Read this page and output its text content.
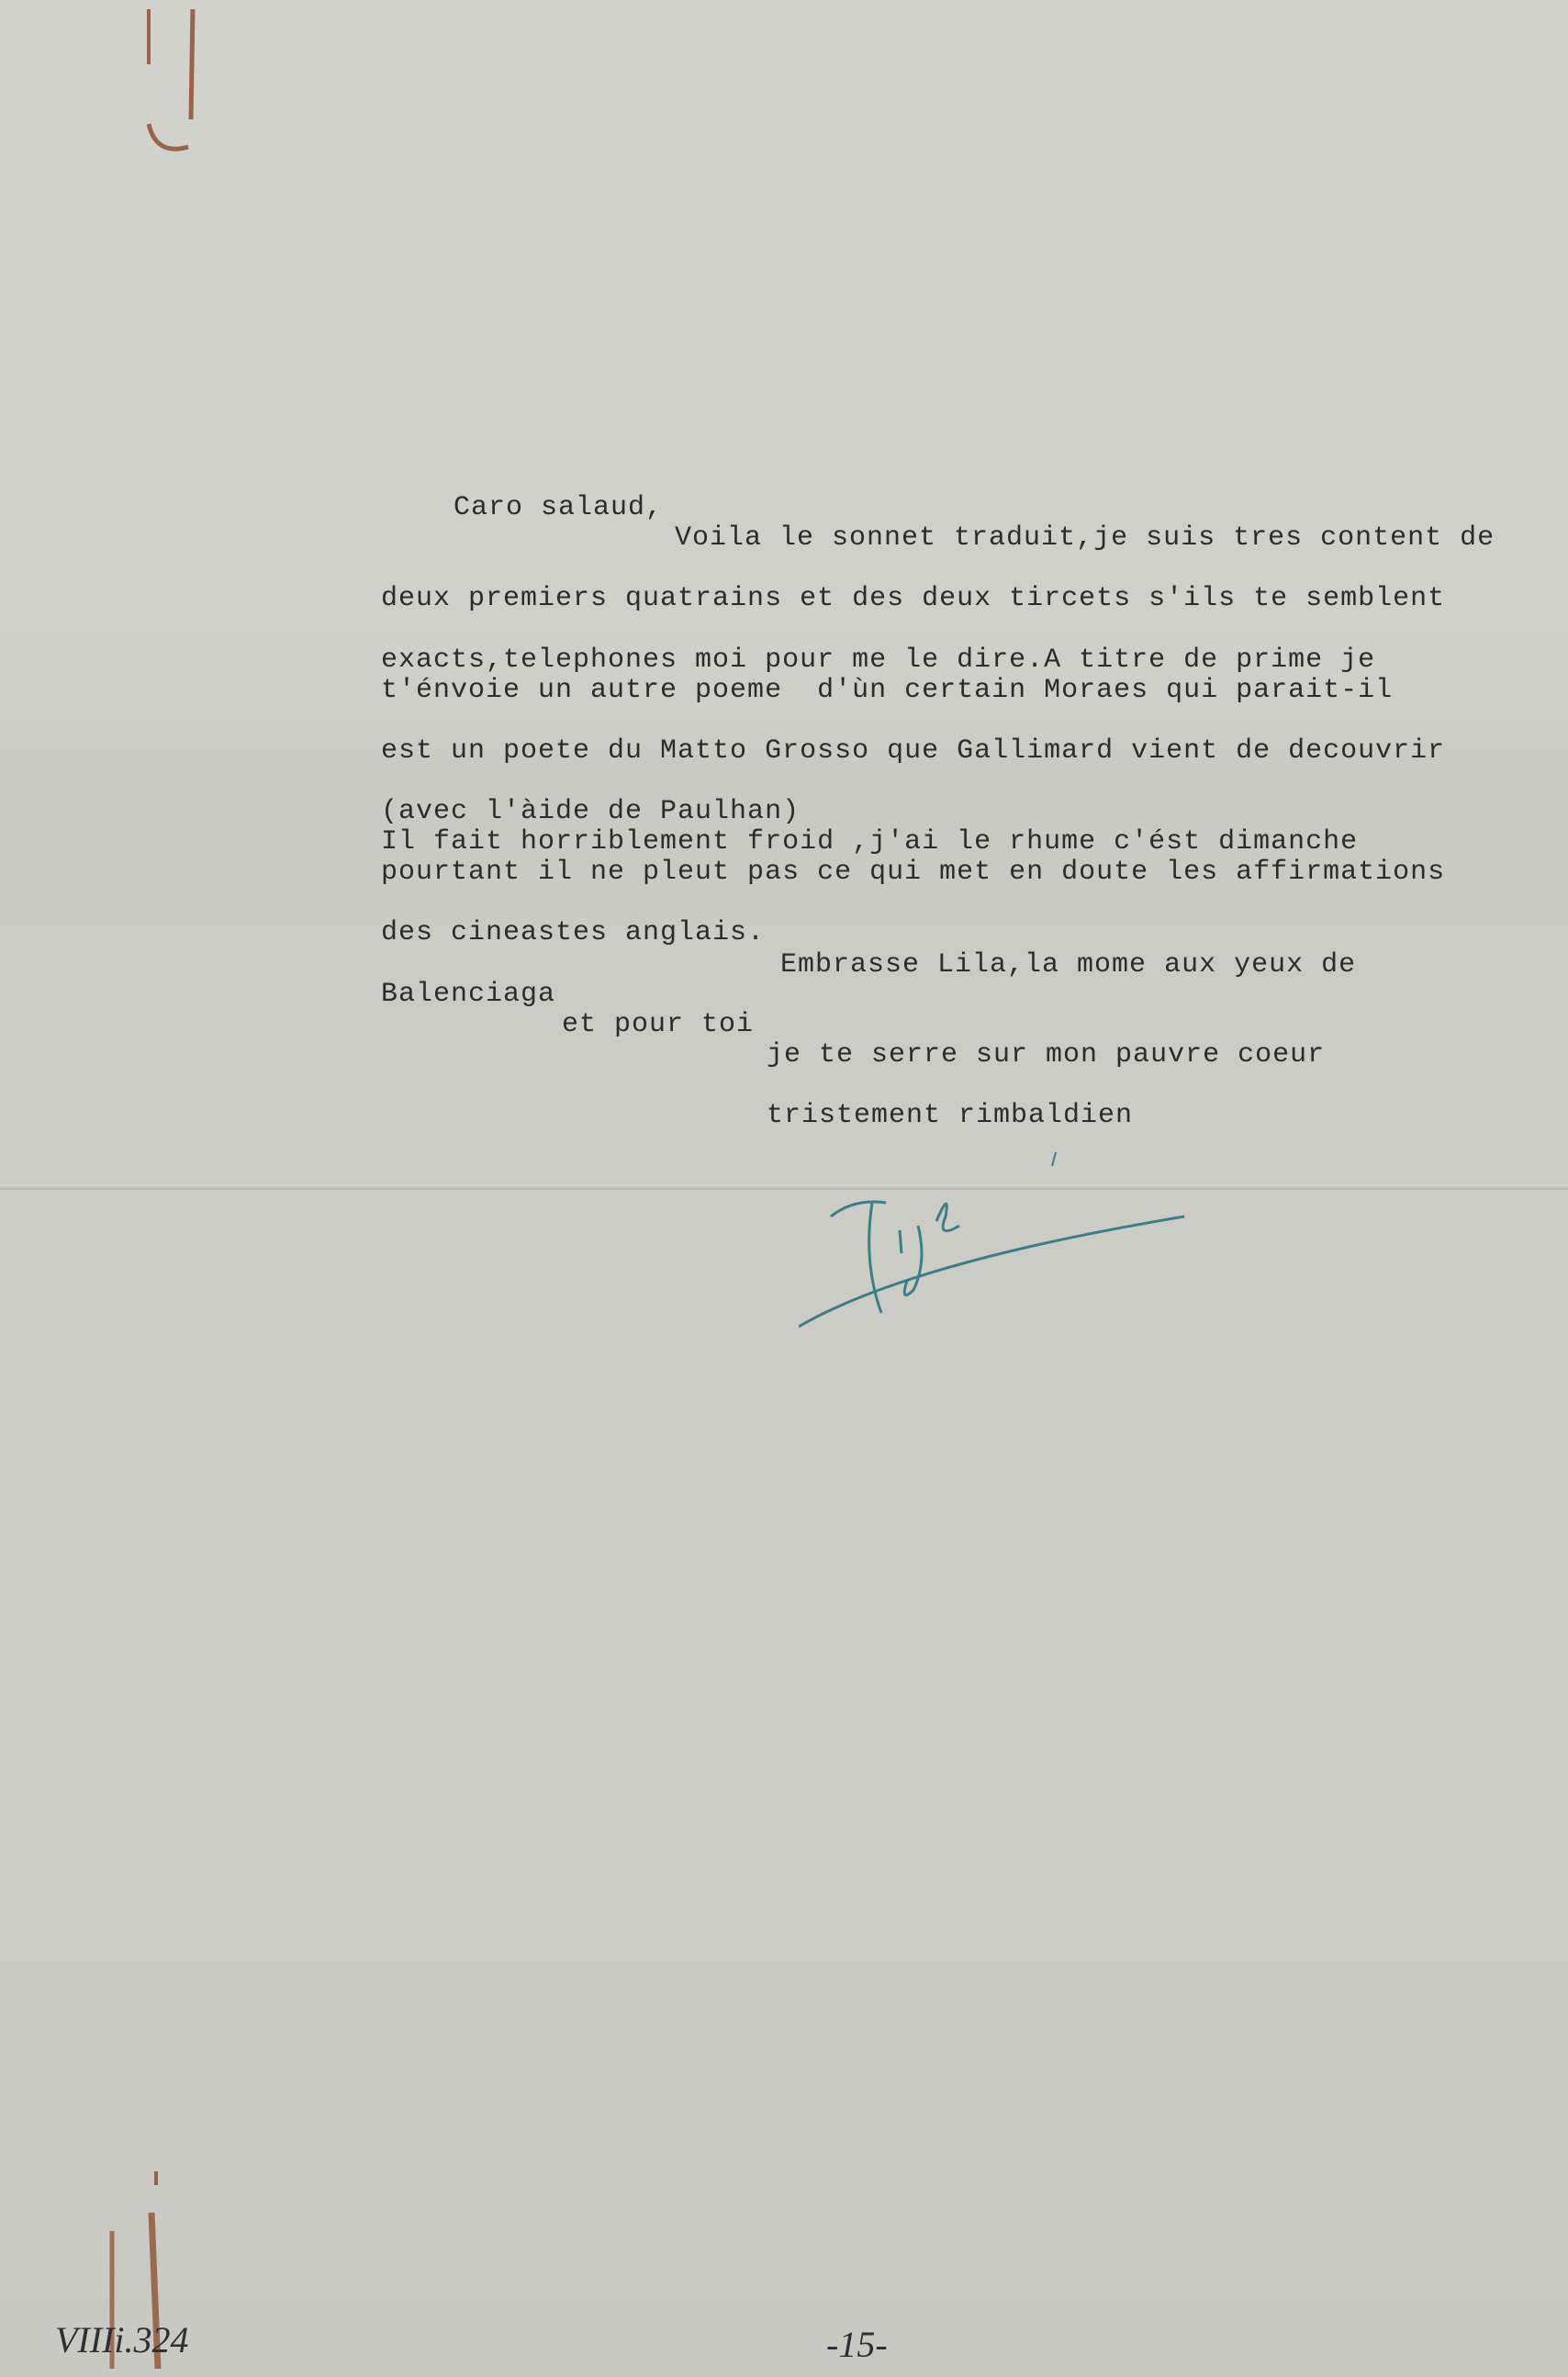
Caro salaud,
Voila le sonnet traduit,je suis tres content de
deux premiers quatrains et des deux tircets s'ils te semblent
exacts,telephones moi pour me le dire.A titre de prime je
t'énvoie un autre poeme  d'ùn certain Moraes qui parait-il
est un poete du Matto Grosso que Gallimard vient de decouvrir
(avec l'àide de Paulhan)
Il fait horriblement froid ,j'ai le rhume c'ést dimanche
pourtant il ne pleut pas ce qui met en doute les affirmations
des cineastes anglais.
Embrasse Lila,la mome aux yeux de
Balenciaga
et pour toi
je te serre sur mon pauvre coeur
tristement rimbaldien
VIIIi.324	-15-
